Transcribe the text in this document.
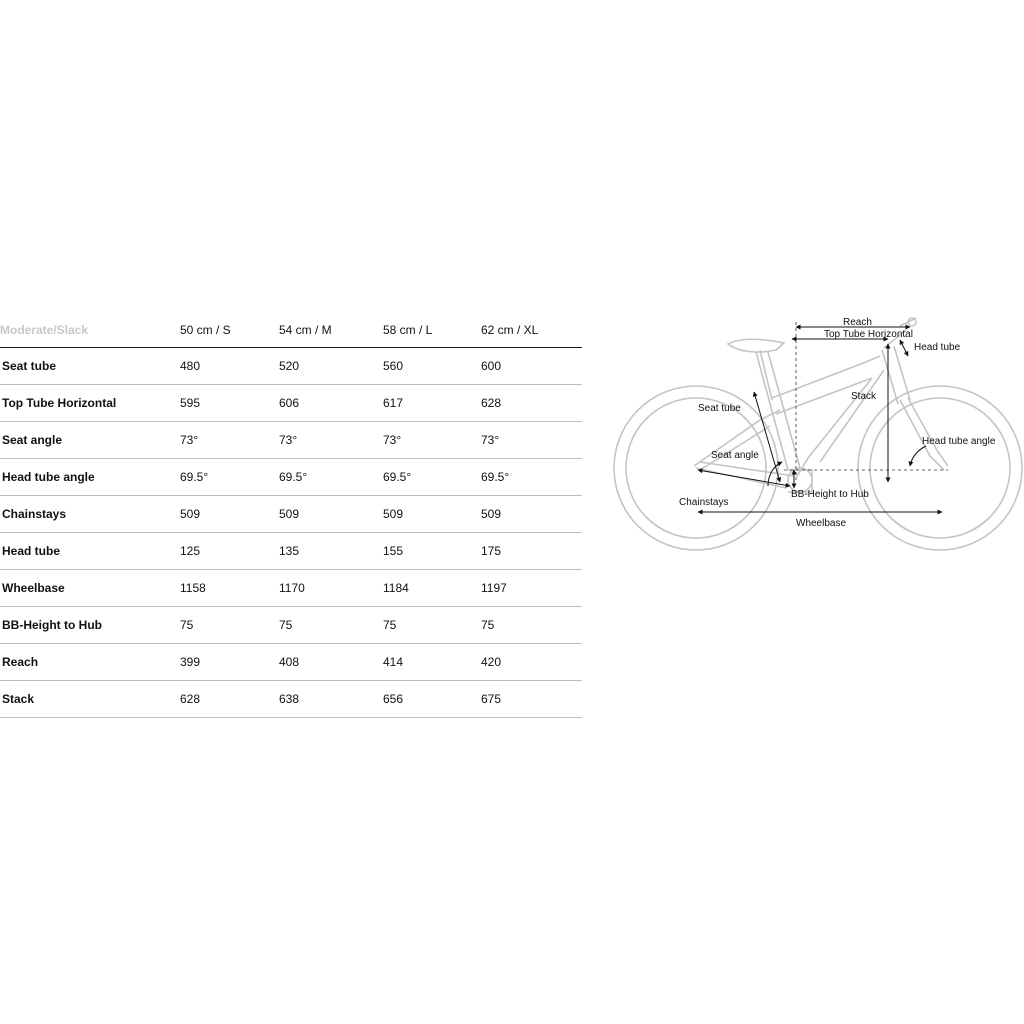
Moderate/Slack	50 cm / S	54 cm / M	58 cm / L	62 cm / XL
Seat tube	480	520	560	600
Top Tube Horizontal	595	606	617	628
Seat angle	73°	73°	73°	73°
Head tube angle	69.5°	69.5°	69.5°	69.5°
Chainstays	509	509	509	509
Head tube	125	135	155	175
Wheelbase	1158	1170	1184	1197
BB-Height to Hub	75	75	75	75
Reach	399	408	414	420
Stack	628	638	656	675
Reach
Top Tube Horizontal
Head tube
Stack
Seat tube
Head tube angle
Seat angle
BB-Height to Hub
Chainstays
Wheelbase
